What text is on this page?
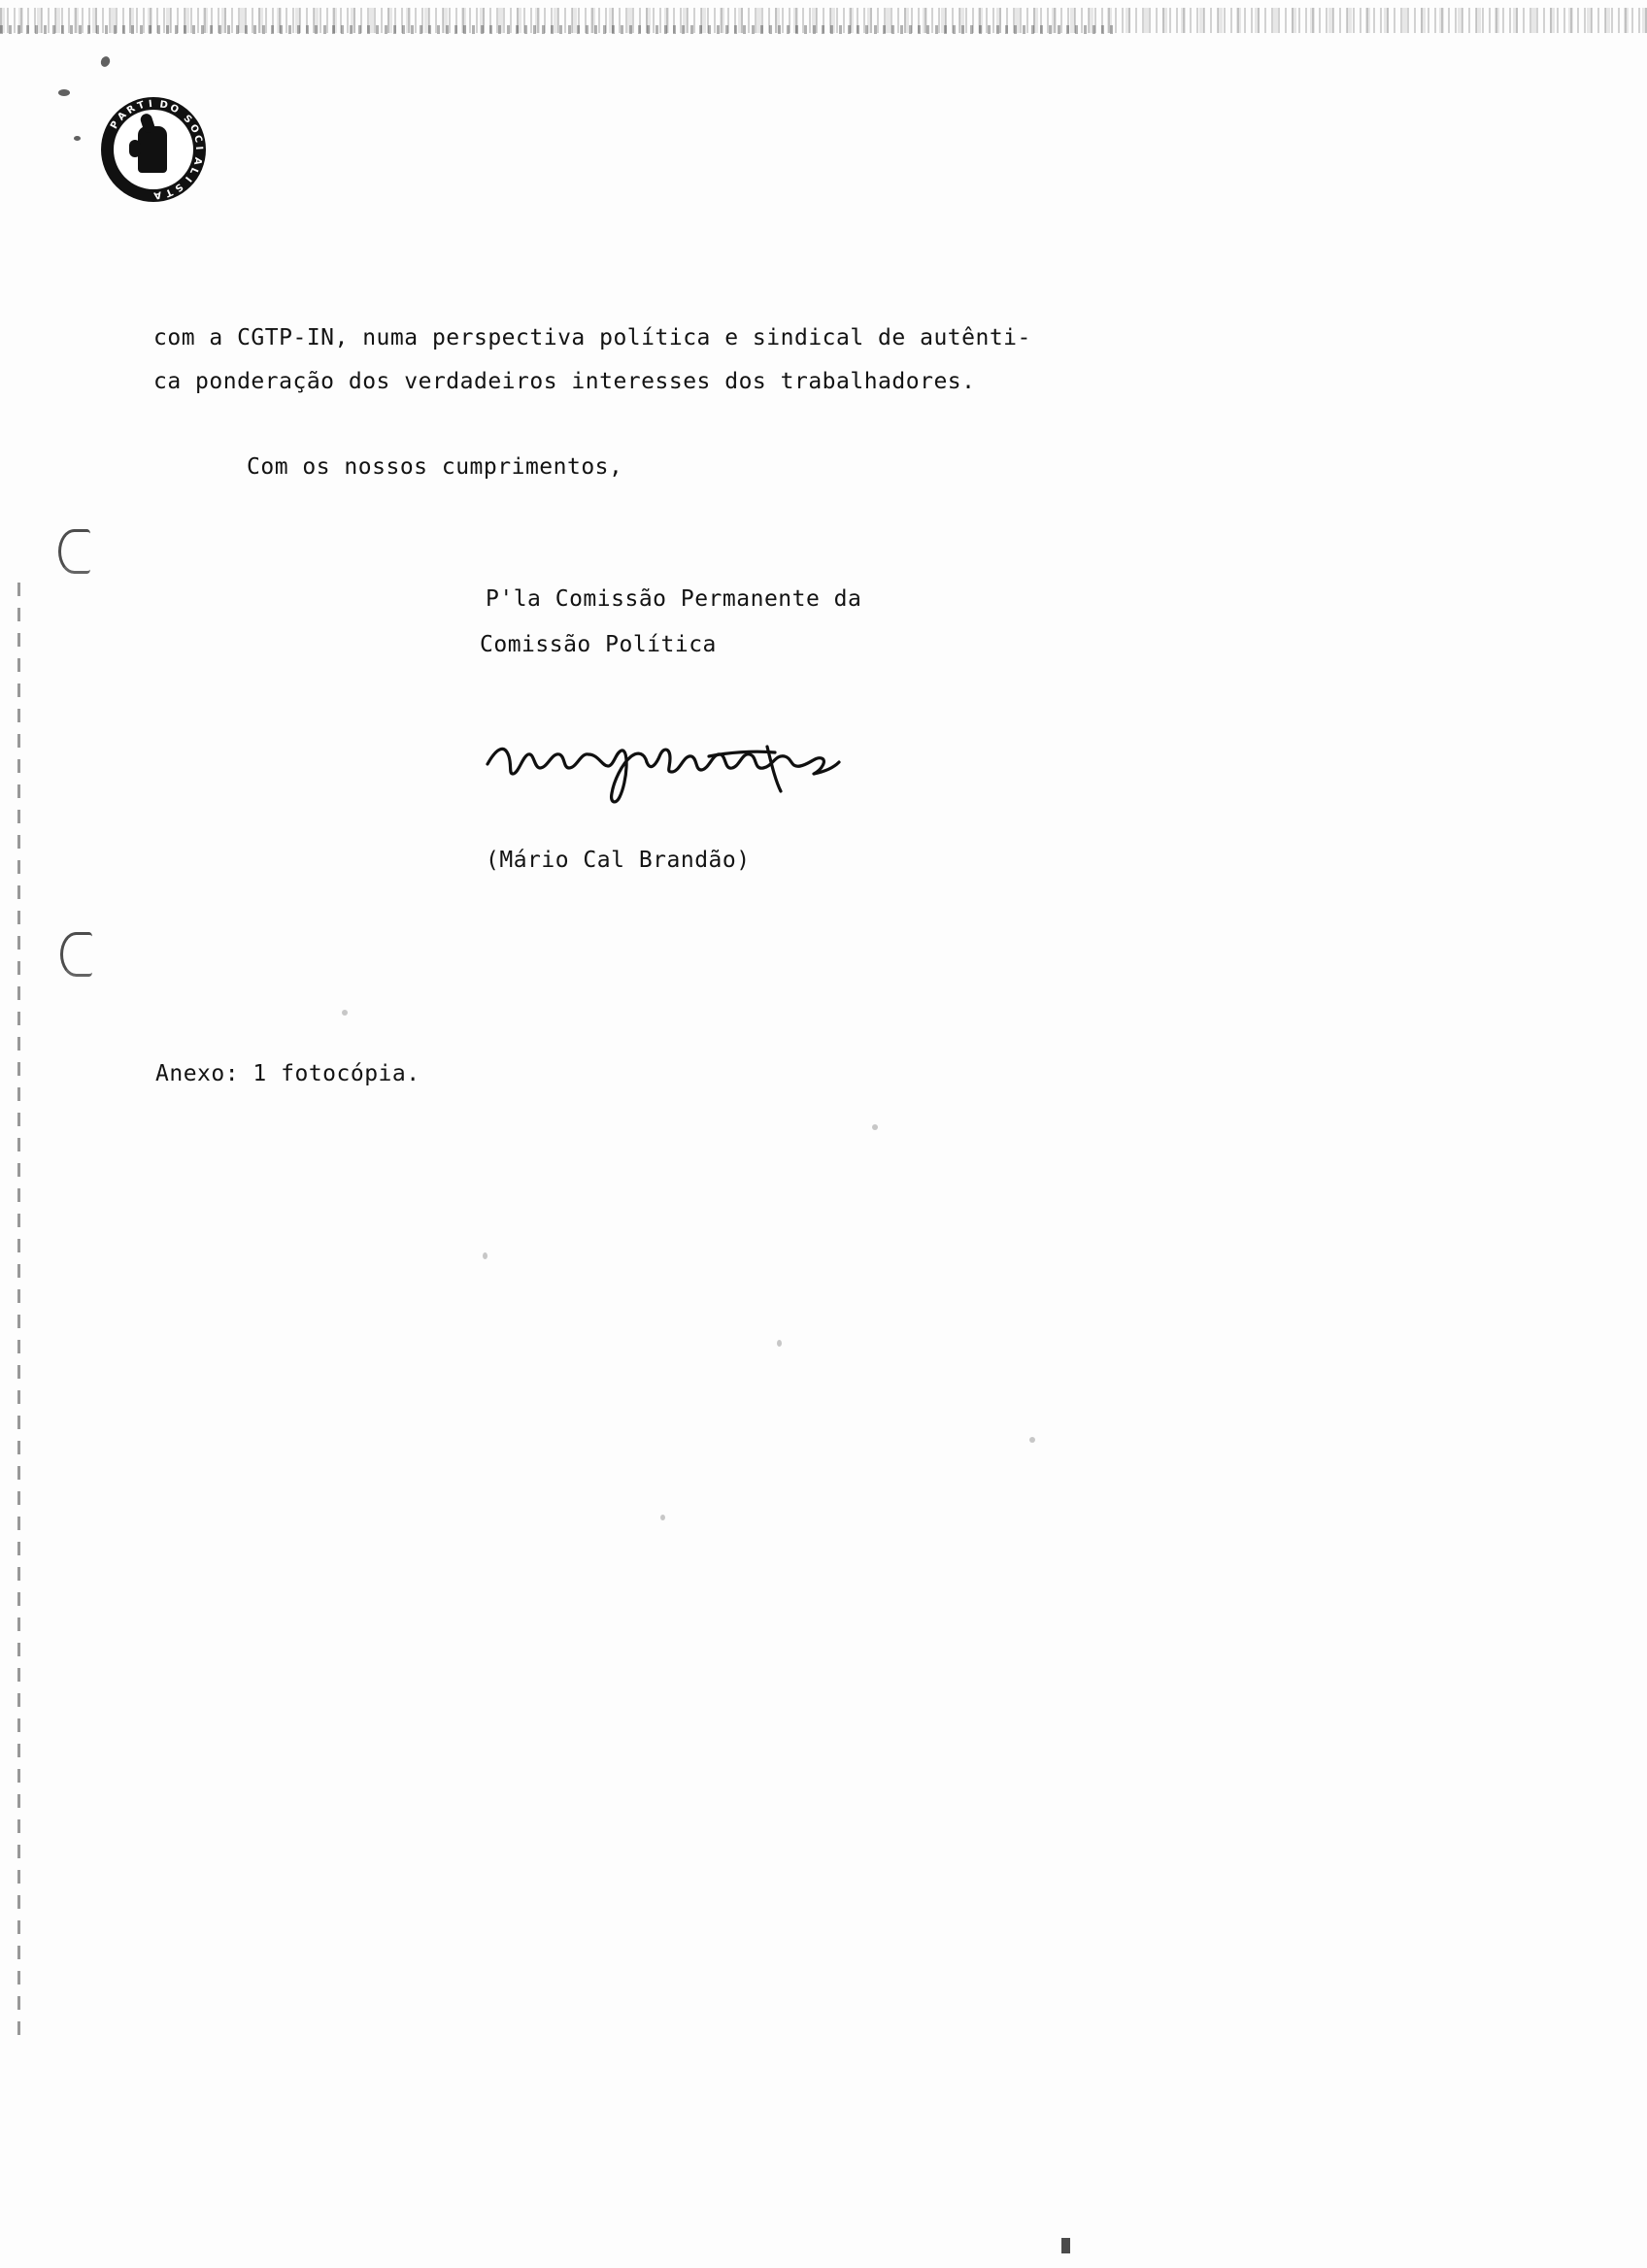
P
A
R
T I D O
S
O
C
I
A
L
I
S
T
A
com a CGTP-IN, numa perspectiva política e sindical de autênti-
ca ponderação dos verdadeiros interesses dos trabalhadores.
Com os nossos cumprimentos,
P'la Comissão Permanente da
Comissão Política
(Mário Cal Brandão)
Anexo: 1 fotocópia.
